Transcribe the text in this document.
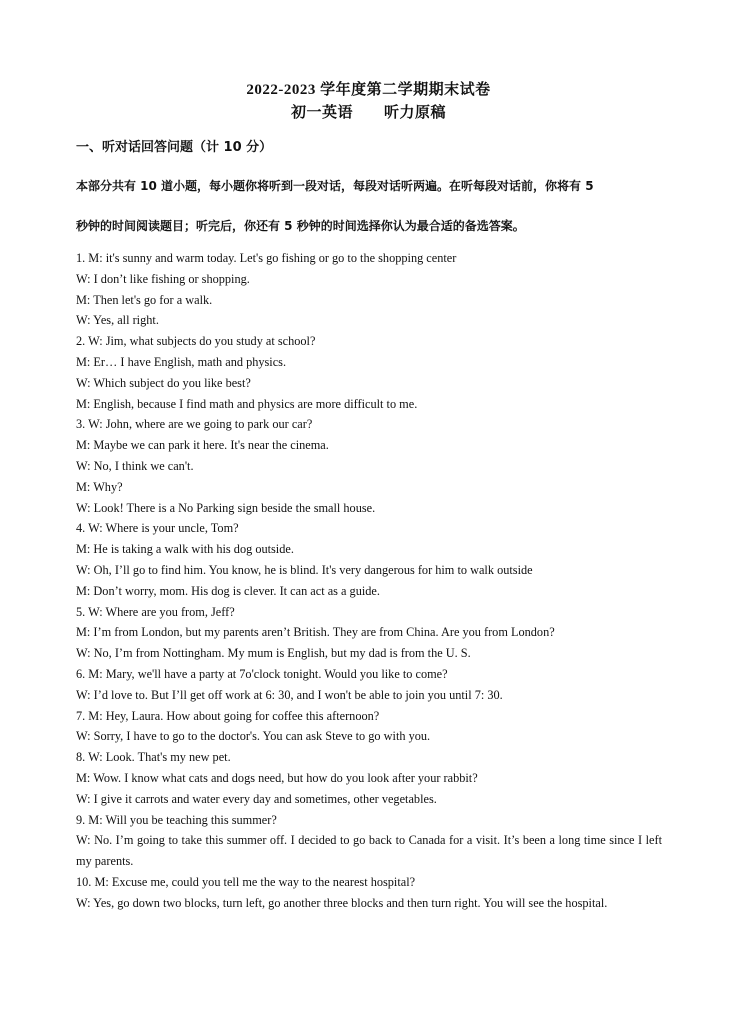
2022-2023 学年度第二学期期末试卷
初一英语　　听力原稿
一、听对话回答问题（计 10 分）
本部分共有 10 道小题，每小题你将听到一段对话，每段对话听两遍。在听每段对话前，你将有 5
秒钟的时间阅读题目；听完后，你还有 5 秒钟的时间选择你认为最合适的备选答案。
1. M: it's sunny and warm today. Let's go fishing or go to the shopping center
W: I don’t like fishing or shopping.
M: Then let's go for a walk.
W: Yes, all right.
2. W: Jim, what subjects do you study at school?
M: Er… I have English, math and physics.
W: Which subject do you like best?
M: English, because I find math and physics are more difficult to me.
3. W: John, where are we going to park our car?
M: Maybe we can park it here. It's near the cinema.
W: No, I think we can't.
M: Why?
W: Look! There is a No Parking sign beside the small house.
4. W: Where is your uncle, Tom?
M: He is taking a walk with his dog outside.
W: Oh, I’ll go to find him. You know, he is blind. It's very dangerous for him to walk outside
M: Don’t worry, mom. His dog is clever. It can act as a guide.
5. W: Where are you from, Jeff?
M: I’m from London, but my parents aren’t British. They are from China. Are you from London?
W: No, I’m from Nottingham. My mum is English, but my dad is from the U. S.
6. M: Mary, we'll have a party at 7o'clock tonight. Would you like to come?
W: I’d love to. But I’ll get off work at 6: 30, and I won't be able to join you until 7: 30.
7. M: Hey, Laura. How about going for coffee this afternoon?
W: Sorry, I have to go to the doctor's. You can ask Steve to go with you.
8. W: Look. That's my new pet.
M: Wow. I know what cats and dogs need, but how do you look after your rabbit?
W: I give it carrots and water every day and sometimes, other vegetables.
9. M: Will you be teaching this summer?
W: No. I’m going to take this summer off. I decided to go back to Canada for a visit. It’s been a long time since I left my parents.
10. M: Excuse me, could you tell me the way to the nearest hospital?
W: Yes, go down two blocks, turn left, go another three blocks and then turn right. You will see the hospital.
